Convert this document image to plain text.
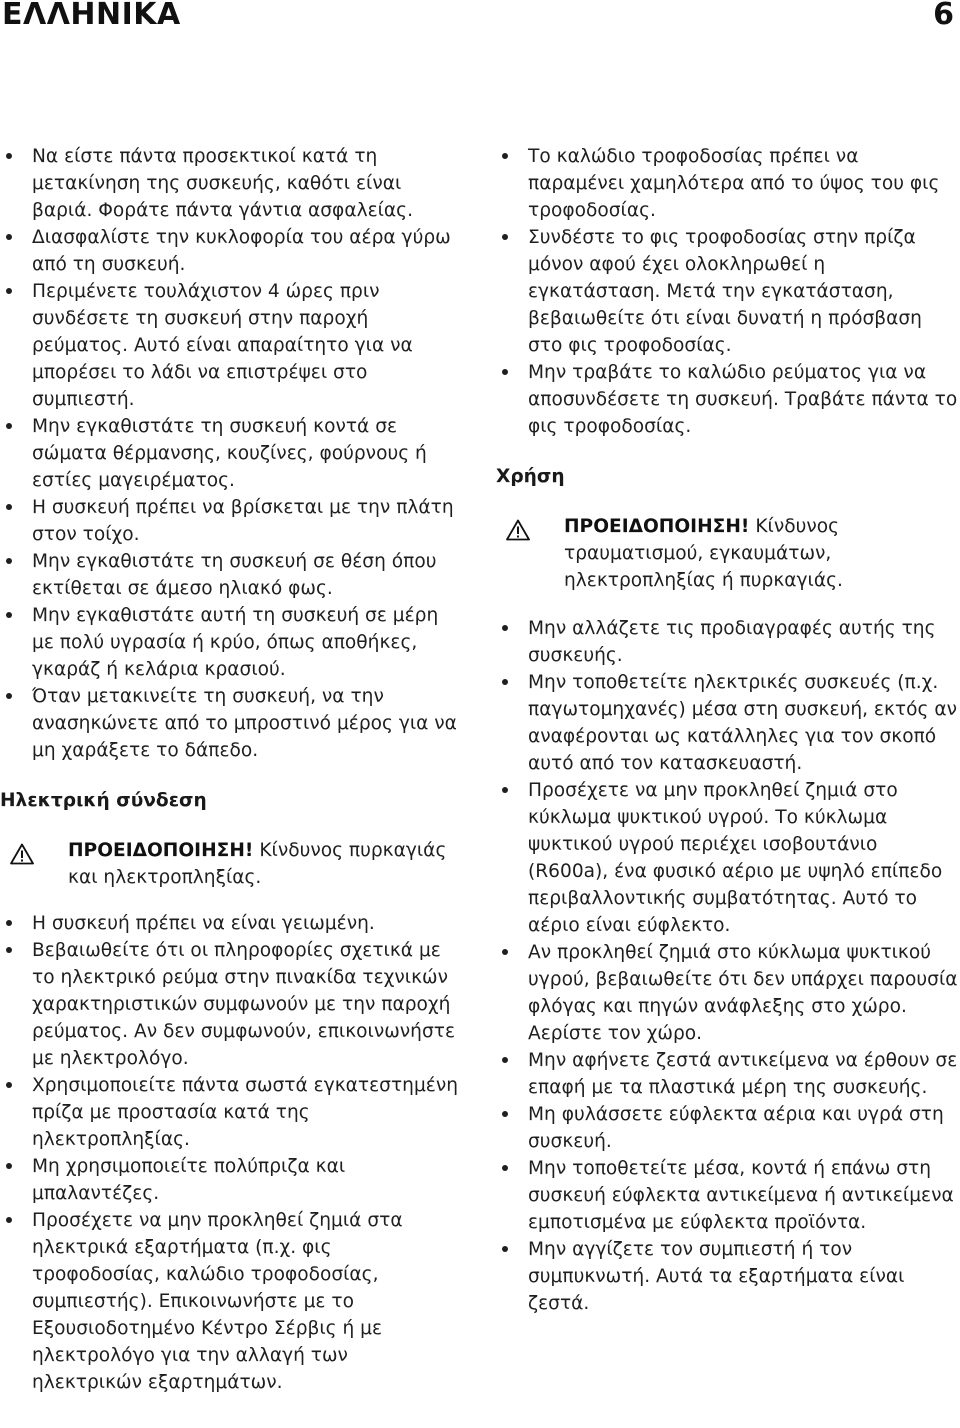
ΕΛΛΗΝΙΚΑ	6
Να είστε πάντα προσεκτικοί κατά τη μετακίνηση της συσκευής, καθότι είναι βαριά. Φοράτε πάντα γάντια ασφαλείας.
Διασφαλίστε την κυκλοφορία του αέρα γύρω από τη συσκευή.
Περιμένετε τουλάχιστον 4 ώρες πριν συνδέσετε τη συσκευή στην παροχή ρεύματος. Αυτό είναι απαραίτητο για να μπορέσει το λάδι να επιστρέψει στο συμπιεστή.
Μην εγκαθιστάτε τη συσκευή κοντά σε σώματα θέρμανσης, κουζίνες, φούρνους ή εστίες μαγειρέματος.
Η συσκευή πρέπει να βρίσκεται με την πλάτη στον τοίχο.
Μην εγκαθιστάτε τη συσκευή σε θέση όπου εκτίθεται σε άμεσο ηλιακό φως.
Μην εγκαθιστάτε αυτή τη συσκευή σε μέρη με πολύ υγρασία ή κρύο, όπως αποθήκες, γκαράζ ή κελάρια κρασιού.
Όταν μετακινείτε τη συσκευή, να την ανασηκώνετε από το μπροστινό μέρος για να μη χαράξετε το δάπεδο.
Ηλεκτρική σύνδεση
ΠΡΟΕΙΔΟΠΟΙΗΣΗ! Κίνδυνος πυρκαγιάς και ηλεκτροπληξίας.
Η συσκευή πρέπει να είναι γειωμένη.
Βεβαιωθείτε ότι οι πληροφορίες σχετικά με το ηλεκτρικό ρεύμα στην πινακίδα τεχνικών χαρακτηριστικών συμφωνούν με την παροχή ρεύματος. Αν δεν συμφωνούν, επικοινωνήστε με ηλεκτρολόγο.
Χρησιμοποιείτε πάντα σωστά εγκατεστημένη πρίζα με προστασία κατά της ηλεκτροπληξίας.
Μη χρησιμοποιείτε πολύπριζα και μπαλαντέζες.
Προσέχετε να μην προκληθεί ζημιά στα ηλεκτρικά εξαρτήματα (π.χ. φις τροφοδοσίας, καλώδιο τροφοδοσίας, συμπιεστής). Επικοινωνήστε με το Εξουσιοδοτημένο Κέντρο Σέρβις ή με ηλεκτρολόγο για την αλλαγή των ηλεκτρικών εξαρτημάτων.
Το καλώδιο τροφοδοσίας πρέπει να παραμένει χαμηλότερα από το ύψος του φις τροφοδοσίας.
Συνδέστε το φις τροφοδοσίας στην πρίζα μόνον αφού έχει ολοκληρωθεί η εγκατάσταση. Μετά την εγκατάσταση, βεβαιωθείτε ότι είναι δυνατή η πρόσβαση στο φις τροφοδοσίας.
Μην τραβάτε το καλώδιο ρεύματος για να αποσυνδέσετε τη συσκευή. Τραβάτε πάντα το φις τροφοδοσίας.
Χρήση
ΠΡΟΕΙΔΟΠΟΙΗΣΗ! Κίνδυνος τραυματισμού, εγκαυμάτων, ηλεκτροπληξίας ή πυρκαγιάς.
Μην αλλάζετε τις προδιαγραφές αυτής της συσκευής.
Μην τοποθετείτε ηλεκτρικές συσκευές (π.χ. παγωτομηχανές) μέσα στη συσκευή, εκτός αν αναφέρονται ως κατάλληλες για τον σκοπό αυτό από τον κατασκευαστή.
Προσέχετε να μην προκληθεί ζημιά στο κύκλωμα ψυκτικού υγρού. Το κύκλωμα ψυκτικού υγρού περιέχει ισοβουτάνιο (R600a), ένα φυσικό αέριο με υψηλό επίπεδο περιβαλλοντικής συμβατότητας. Αυτό το αέριο είναι εύφλεκτο.
Αν προκληθεί ζημιά στο κύκλωμα ψυκτικού υγρού, βεβαιωθείτε ότι δεν υπάρχει παρουσία φλόγας και πηγών ανάφλεξης στο χώρο. Αερίστε τον χώρο.
Μην αφήνετε ζεστά αντικείμενα να έρθουν σε επαφή με τα πλαστικά μέρη της συσκευής.
Μη φυλάσσετε εύφλεκτα αέρια και υγρά στη συσκευή.
Μην τοποθετείτε μέσα, κοντά ή επάνω στη συσκευή εύφλεκτα αντικείμενα ή αντικείμενα εμποτισμένα με εύφλεκτα προϊόντα.
Μην αγγίζετε τον συμπιεστή ή τον συμπυκνωτή. Αυτά τα εξαρτήματα είναι ζεστά.
